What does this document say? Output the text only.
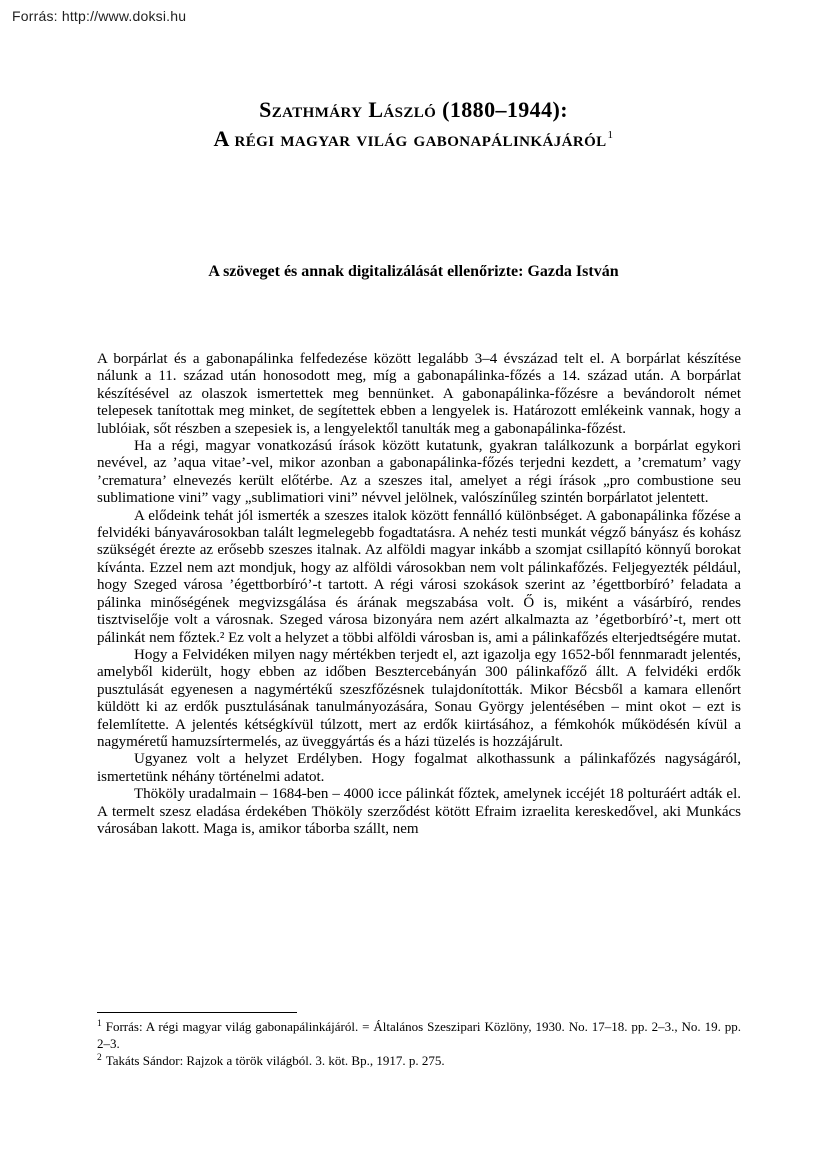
Forrás: http://www.doksi.hu
Szathmáry László (1880–1944):
A régi magyar világ gabonapálinkájáról$^1$
A szöveget és annak digitalizálását ellenőrizte: Gazda István

A borpárlat és a gabonapálinka felfedezése között legalább 3–4 évszázad telt el. A borpárlat készítése nálunk a 11. század után honosodott meg, míg a gabonapálinka-főzés a 14. század után. A borpárlat készítésével az olaszok ismertettek meg bennünket. A gabonapálinka-főzésre a bevándorolt német telepesek tanítottak meg minket, de segítettek ebben a lengyelek is. Határozott emlékeink vannak, hogy a lublóiak, sőt részben a szepesiek is, a lengyelektől tanulták meg a gabonapálinka-főzést.

Ha a régi, magyar vonatkozású írások között kutatunk, gyakran találkozunk a borpárlat egykori nevével, az ’aqua vitae’-vel, mikor azonban a gabonapálinka-főzés terjedni kezdett, a ’crematum’ vagy ’crematura’ elnevezés került előtérbe. Az a szeszes ital, amelyet a régi írások „pro combustione seu sublimatione vini” vagy „sublimatiori vini” névvel jelölnek, valószínűleg szintén borpárlatot jelentett.

A elődeink tehát jól ismerték a szeszes italok között fennálló különbséget. A gabonapálinka főzése a felvidéki bányavárosokban talált legmelegebb fogadtatásra. A nehéz testi munkát végző bányász és kohász szükségét érezte az erősebb szeszes italnak. Az alföldi magyar inkább a szomjat csillapító könnyű borokat kívánta. Ezzel nem azt mondjuk, hogy az alföldi városokban nem volt pálinkafőzés. Feljegyezték például, hogy Szeged városa ’égettborbíró’-t tartott. A régi városi szokások szerint az ’égettborbíró’ feladata a pálinka minőségének megvizsgálása és árának megszabása volt. Ő is, miként a vásárbíró, rendes tisztviselője volt a városnak. Szeged városa bizonyára nem azért alkalmazta az ’égetborbíró’-t, mert ott pálinkát nem főztek.² Ez volt a helyzet a többi alföldi városban is, ami a pálinkafőzés elterjedtségére mutat.

Hogy a Felvidéken milyen nagy mértékben terjedt el, azt igazolja egy 1652-ből fennmaradt jelentés, amelyből kiderült, hogy ebben az időben Besztercebányán 300 pálinkafőző állt. A felvidéki erdők pusztulását egyenesen a nagymértékű szeszfőzésnek tulajdonították. Mikor Bécsből a kamara ellenőrt küldött ki az erdők pusztulásának tanulmányozására, Sonau György jelentésében – mint okot – ezt is felemlítette. A jelentés kétségkívül túlzott, mert az erdők kiirtásához, a fémkohók működésén kívül a nagyméretű hamuzsírtermelés, az üveggyártás és a házi tüzelés is hozzájárult.

Ugyanez volt a helyzet Erdélyben. Hogy fogalmat alkothassunk a pálinkafőzés nagyságáról, ismertetünk néhány történelmi adatot.

Thököly uradalmain – 1684-ben – 4000 icce pálinkát főztek, amelynek iccéjét 18 polturáért adták el. A termelt szesz eladása érdekében Thököly szerződést kötött Efraim izraelita kereskedővel, aki Munkács városában lakott. Maga is, amikor táborba szállt, nem

$^1$ Forrás: A régi magyar világ gabonapálinkájáról. = Általános Szeszipari Közlöny, 1930. No. 17–18. pp. 2–3., No. 19. pp. 2–3.
$^2$ Takáts Sándor: Rajzok a török világból. 3. köt. Bp., 1917. p. 275.
